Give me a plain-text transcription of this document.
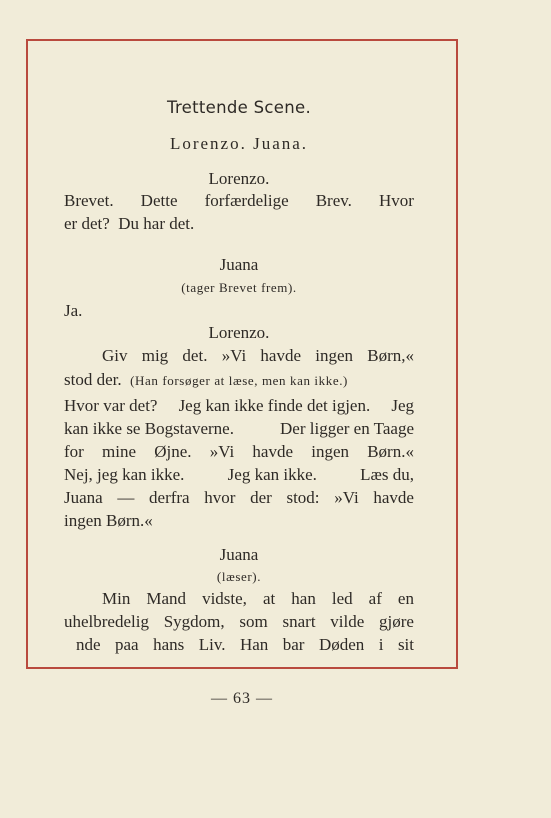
Trettende Scene.
Lorenzo. Juana.
Lorenzo.
Brevet. Dette forfærdelige Brev. Hvor
er det?  Du har det.
Juana
(tager Brevet frem).
Ja.
Lorenzo.
Giv mig det. »Vi havde ingen Børn,«
stod der. (Han forsøger at læse, men kan ikke.)
Hvor var det? Jeg kan ikke finde det igjen. Jeg
kan ikke se Bogstaverne.	Der ligger en Taage
for mine Øjne. »Vi havde ingen Børn.«
Nej, jeg kan ikke.	Jeg kan ikke.	Læs du,
Juana — derfra hvor der stod: »Vi havde
ingen Børn.«
Juana
(læser).
Min Mand vidste, at han led af en
uhelbredelig Sygdom, som snart vilde gjøre
nde paa hans Liv. Han bar Døden i sit
— 63 —
